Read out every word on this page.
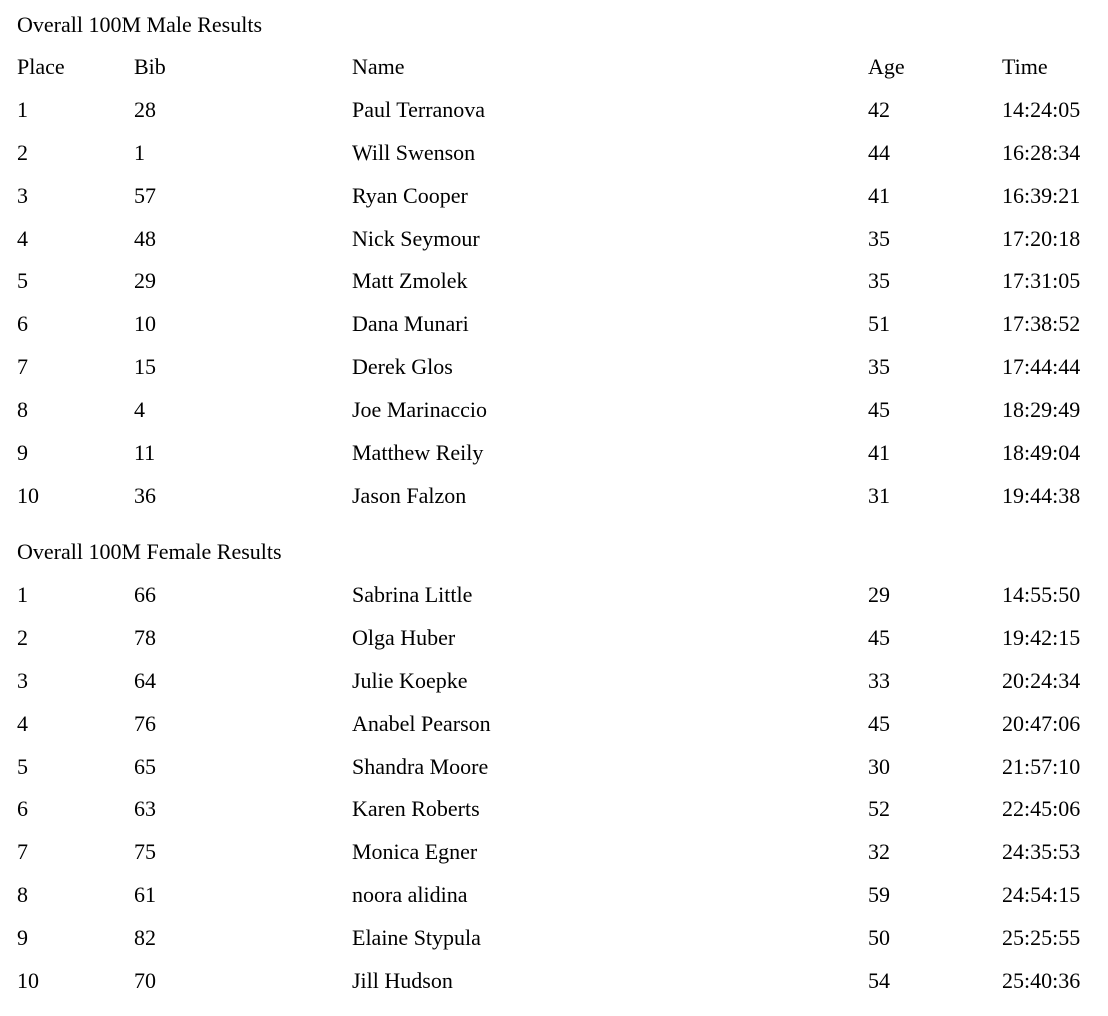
Overall 100M Male Results
Place	Bib	Name	Age	Time
1	28	Paul Terranova	42	14:24:05
2	1	Will Swenson	44	16:28:34
3	57	Ryan Cooper	41	16:39:21
4	48	Nick Seymour	35	17:20:18
5	29	Matt Zmolek	35	17:31:05
6	10	Dana Munari	51	17:38:52
7	15	Derek Glos	35	17:44:44
8	4	Joe Marinaccio	45	18:29:49
9	11	Matthew Reily	41	18:49:04
10	36	Jason Falzon	31	19:44:38
Overall 100M Female Results
1	66	Sabrina Little	29	14:55:50
2	78	Olga Huber	45	19:42:15
3	64	Julie Koepke	33	20:24:34
4	76	Anabel Pearson	45	20:47:06
5	65	Shandra Moore	30	21:57:10
6	63	Karen Roberts	52	22:45:06
7	75	Monica Egner	32	24:35:53
8	61	noora alidina	59	24:54:15
9	82	Elaine Stypula	50	25:25:55
10	70	Jill Hudson	54	25:40:36
